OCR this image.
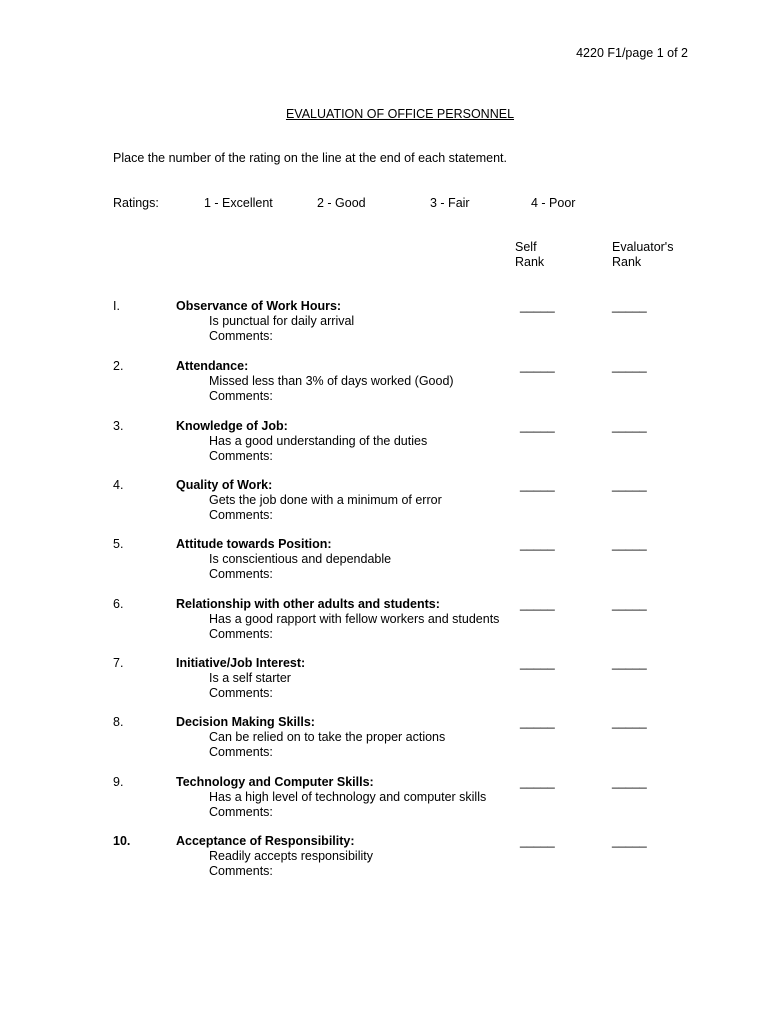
4220 F1/page 1 of 2
EVALUATION OF OFFICE PERSONNEL
Place the number of the rating on the line at the end of each statement.
Ratings:	1 - Excellent	2 - Good	3 - Fair	4 - Poor
Self
Rank
Evaluator's
Rank
I.	Observance of Work Hours:
Is punctual for daily arrival
Comments:
_____	_____
2.	Attendance:
Missed less than 3% of days worked (Good)
Comments:
_____	_____
3.	Knowledge of Job:
Has a good understanding of the duties
Comments:
_____	_____
4.	Quality of Work:
Gets the job done with a minimum of error
Comments:
_____	_____
5.	Attitude towards Position:
Is conscientious and dependable
Comments:
_____	_____
6.	Relationship with other adults and students:
Has a good rapport with fellow workers and students
Comments:
_____	_____
7.	Initiative/Job Interest:
Is a self starter
Comments:
_____	_____
8.	Decision Making Skills:
Can be relied on to take the proper actions
Comments:
_____	_____
9.	Technology and Computer Skills:
Has a high level of technology and computer skills
Comments:
_____	_____
10.	Acceptance of Responsibility:
Readily accepts responsibility
Comments:
_____	_____
